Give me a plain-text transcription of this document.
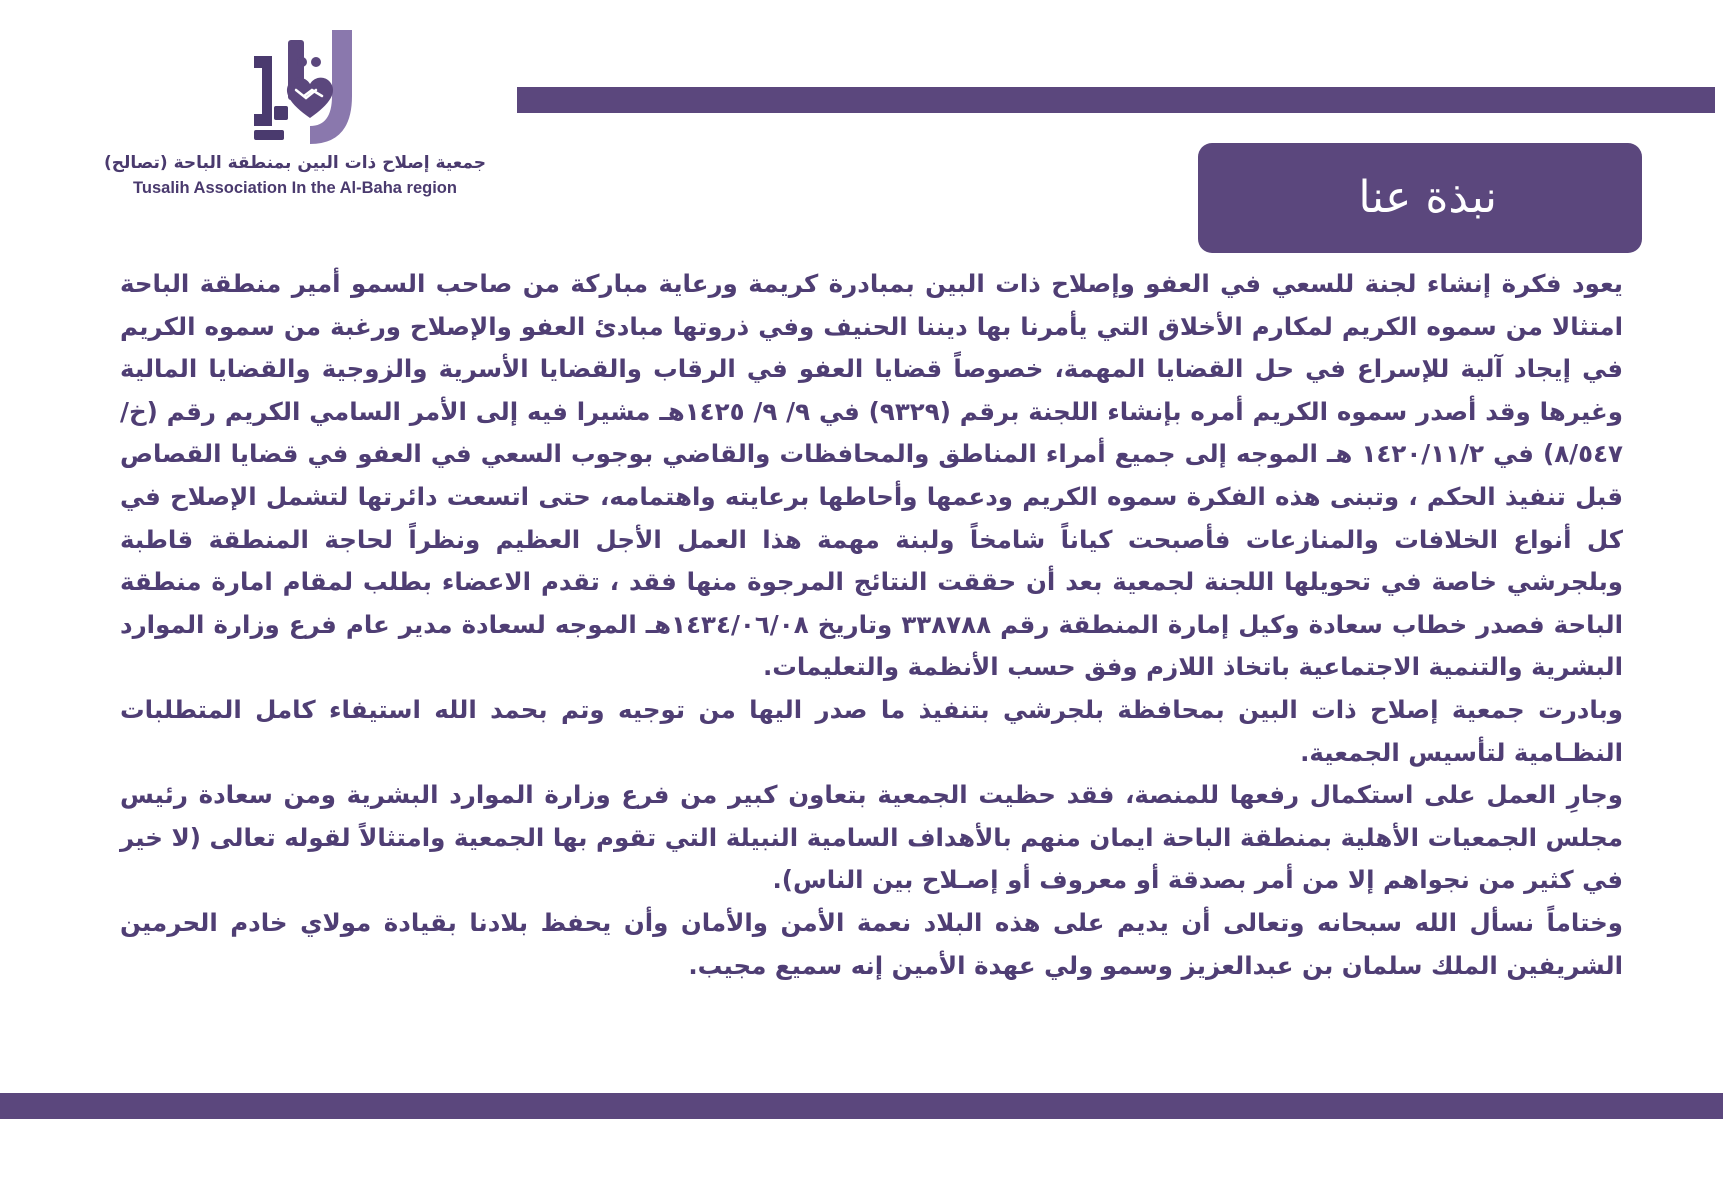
جمعية إصلاح ذات البين بمنطقة الباحة (تصالح)
Tusalih Association In the Al-Baha region	نبذة عنا

يعود فكرة إنشاء لجنة للسعي في العفو وإصلاح ذات البين بمبادرة كريمة ورعاية مباركة من صاحب السمو أمير منطقة الباحة امتثالا من سموه الكريم لمكارم الأخلاق التي يأمرنا بها ديننا الحنيف وفي ذروتها مبادئ العفو والإصلاح ورغبة من سموه الكريم في إيجاد آلية للإسراع في حل القضايا المهمة، خصوصاً قضايا العفو في الرقاب والقضايا الأسرية والزوجية والقضايا المالية وغيرها وقد أصدر سموه الكريم أمره بإنشاء اللجنة برقم (٩٣٢٩) في ٩/ ٩/ ١٤٢٥هـ مشيرا فيه إلى الأمر السامي الكريم رقم (خ/٨/٥٤٧) في ١٤٢٠/١١/٢ هـ الموجه إلى جميع أمراء المناطق والمحافظات والقاضي بوجوب السعي في العفو في قضايا القصاص قبل تنفيذ الحكم ، وتبنى هذه الفكرة سموه الكريم ودعمها وأحاطها برعايته واهتمامه، حتى اتسعت دائرتها لتشمل الإصلاح في كل أنواع الخلافات والمنازعات فأصبحت كياناً شامخاً ولبنة مهمة هذا العمل الأجل العظيم ونظراً لحاجة المنطقة قاطبة وبلجرشي خاصة في تحويلها اللجنة لجمعية بعد أن حققت النتائج المرجوة منها فقد ، تقدم الاعضاء بطلب لمقام امارة منطقة الباحة فصدر خطاب سعادة وكيل إمارة المنطقة رقم ٣٣٨٧٨٨ وتاريخ ١٤٣٤/٠٦/٠٨هـ الموجه لسعادة مدير عام فرع وزارة الموارد البشرية والتنمية الاجتماعية باتخاذ اللازم وفق حسب الأنظمة والتعليمات.

وبادرت جمعية إصلاح ذات البين بمحافظة بلجرشي بتنفيذ ما صدر اليها من توجيه وتم بحمد الله استيفاء كامل المتطلبات النظـامية لتأسيس الجمعية.

وجارِ العمل على استكمال رفعها للمنصة، فقد حظيت الجمعية بتعاون كبير من فرع وزارة الموارد البشرية ومن سعادة رئيس مجلس الجمعيات الأهلية بمنطقة الباحة ايمان منهم بالأهداف السامية النبيلة التي تقوم بها الجمعية وامتثالاً لقوله تعالى (لا خير في كثير من نجواهم إلا من أمر بصدقة أو معروف أو إصـلاح بين الناس).

وختاماً نسأل الله سبحانه وتعالى أن يديم على هذه البلاد نعمة الأمن والأمان وأن يحفظ بلادنا بقيادة مولاي خادم الحرمين الشريفين الملك سلمان بن عبدالعزيز وسمو ولي عهدة الأمين إنه سميع مجيب.
